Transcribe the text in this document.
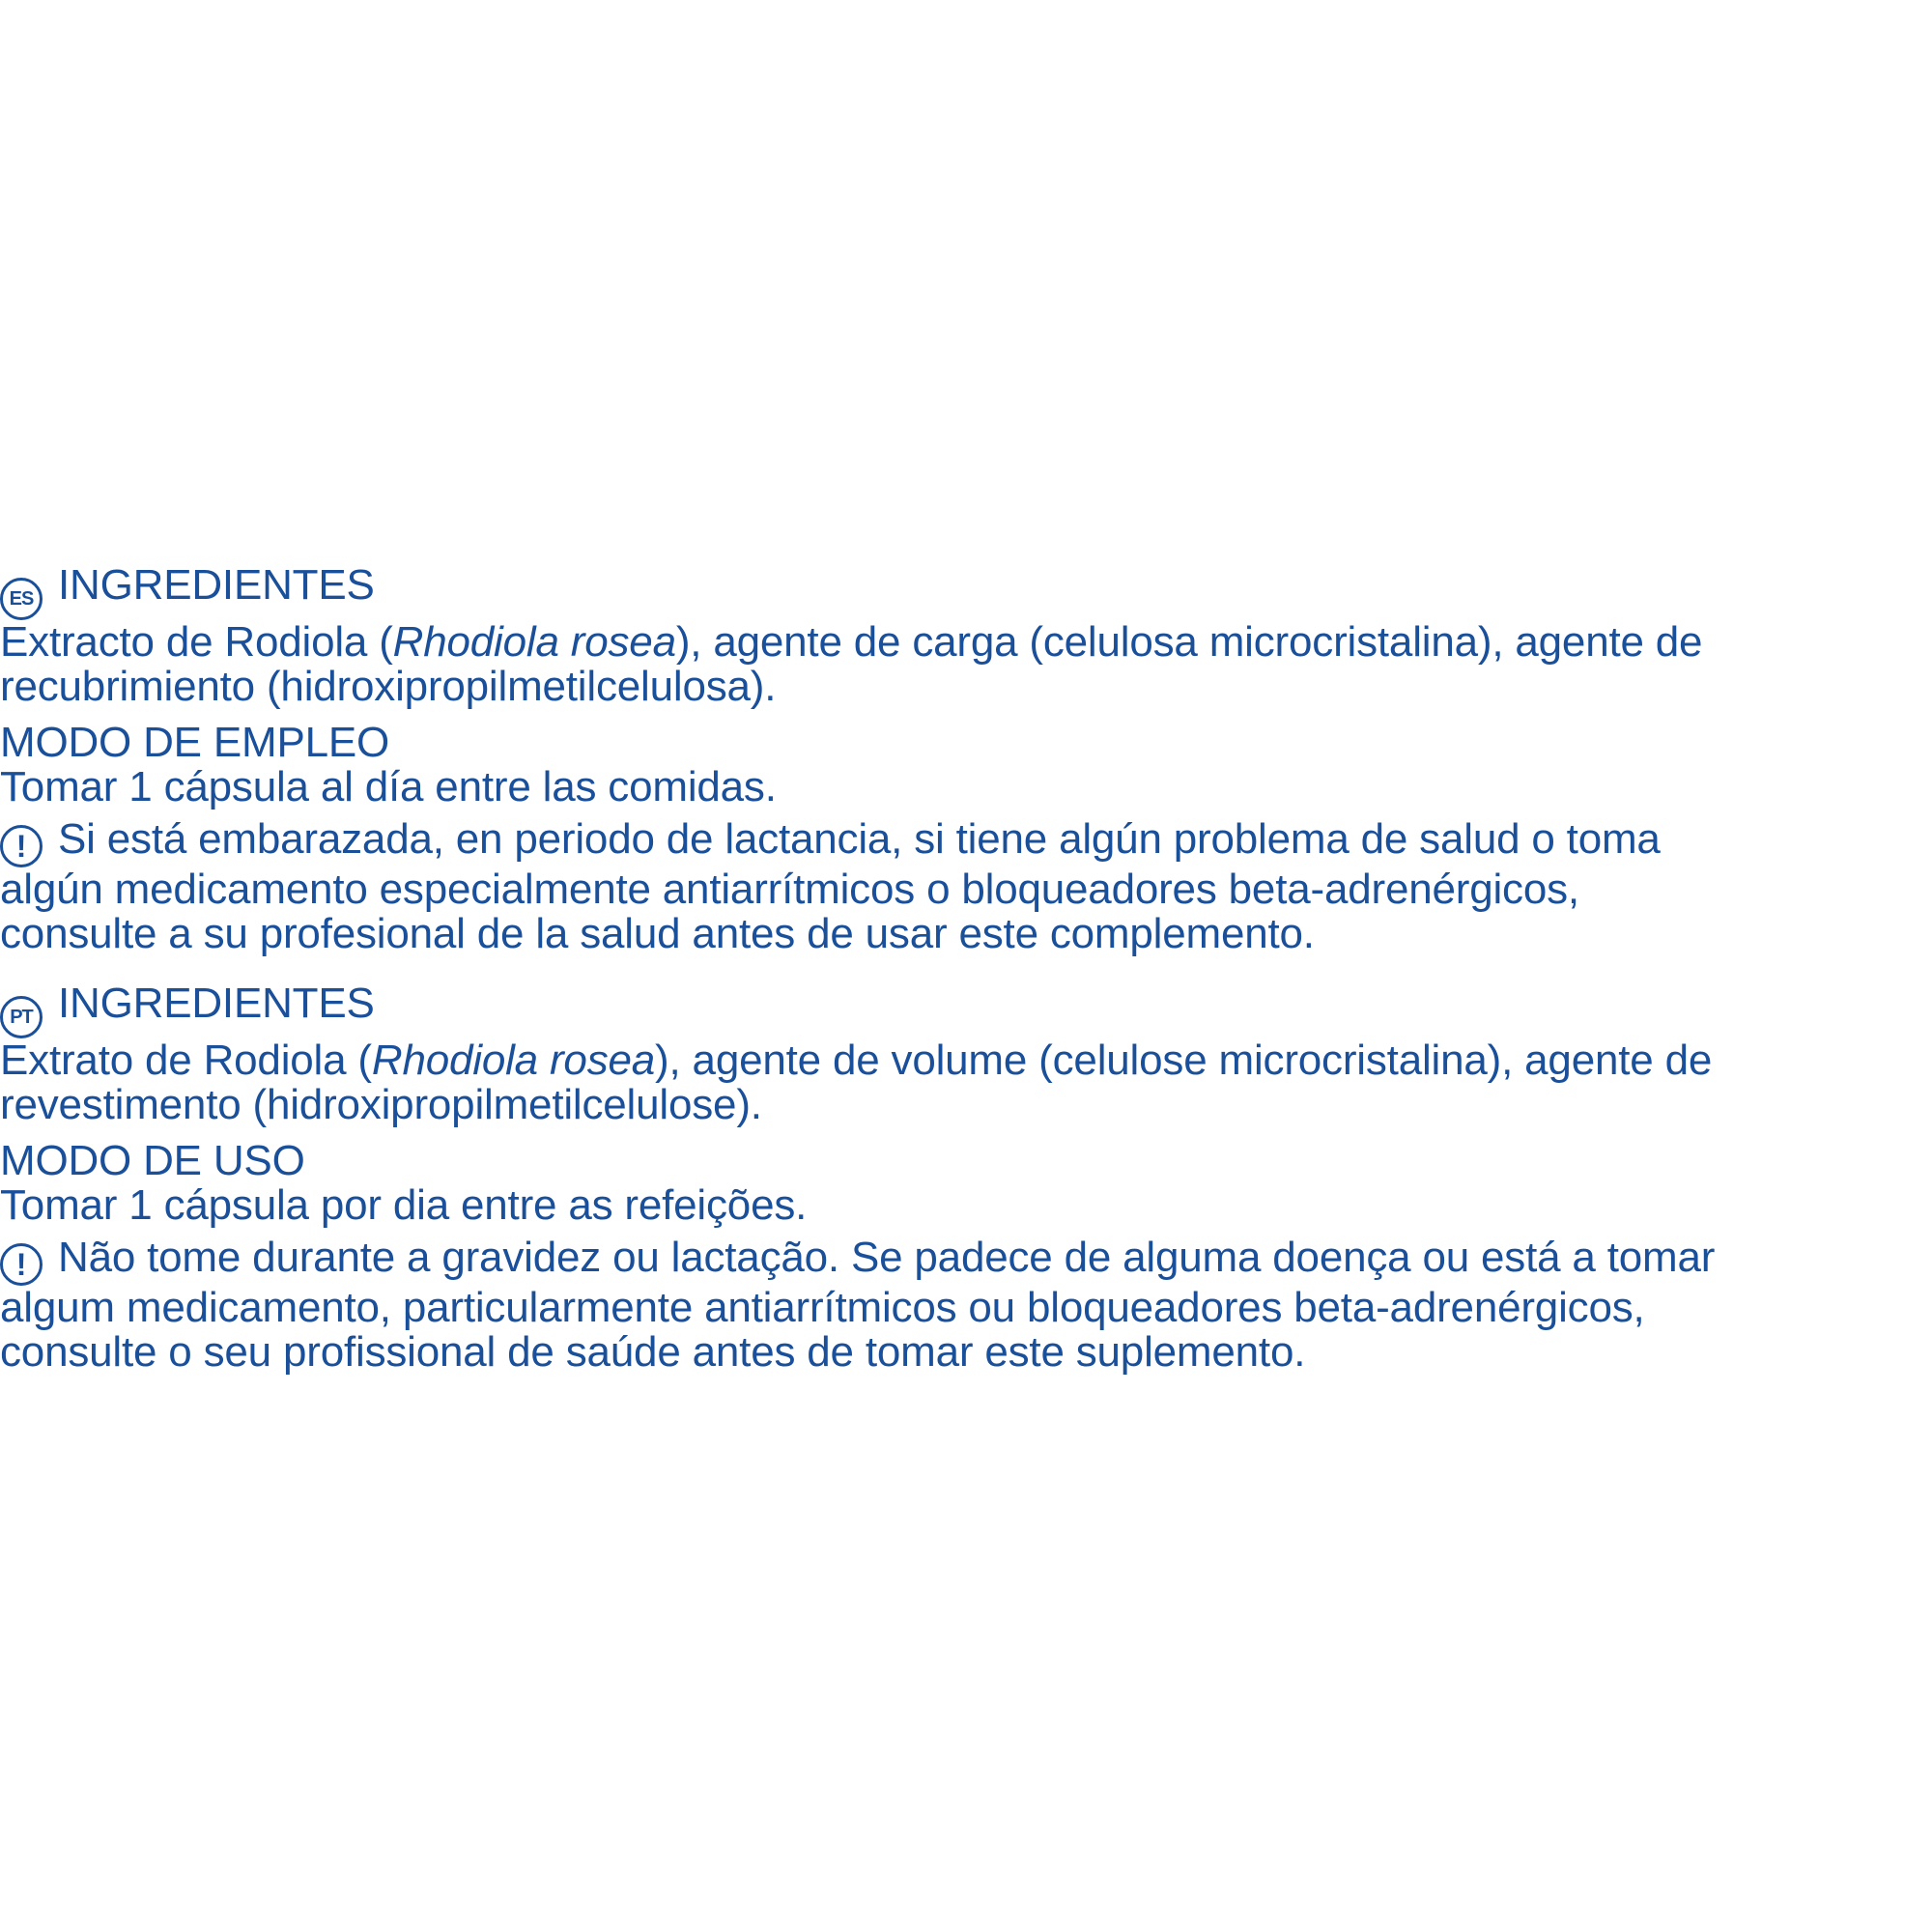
ES INGREDIENTES
Extracto de Rodiola (Rhodiola rosea), agente de carga (celulosa microcristalina), agente de
recubrimiento (hidroxipropilmetilcelulosa).
MODO DE EMPLEO
Tomar 1 cápsula al día entre las comidas.
! Si está embarazada, en periodo de lactancia, si tiene algún problema de salud o toma
algún medicamento especialmente antiarrítmicos o bloqueadores beta-adrenérgicos,
consulte a su profesional de la salud antes de usar este complemento.
PT INGREDIENTES
Extrato de Rodiola (Rhodiola rosea), agente de volume (celulose microcristalina), agente de
revestimento (hidroxipropilmetilcelulose).
MODO DE USO
Tomar 1 cápsula por dia entre as refeições.
! Não tome durante a gravidez ou lactação. Se padece de alguma doença ou está a tomar
algum medicamento, particularmente antiarrítmicos ou bloqueadores beta-adrenérgicos,
consulte o seu profissional de saúde antes de tomar este suplemento.
